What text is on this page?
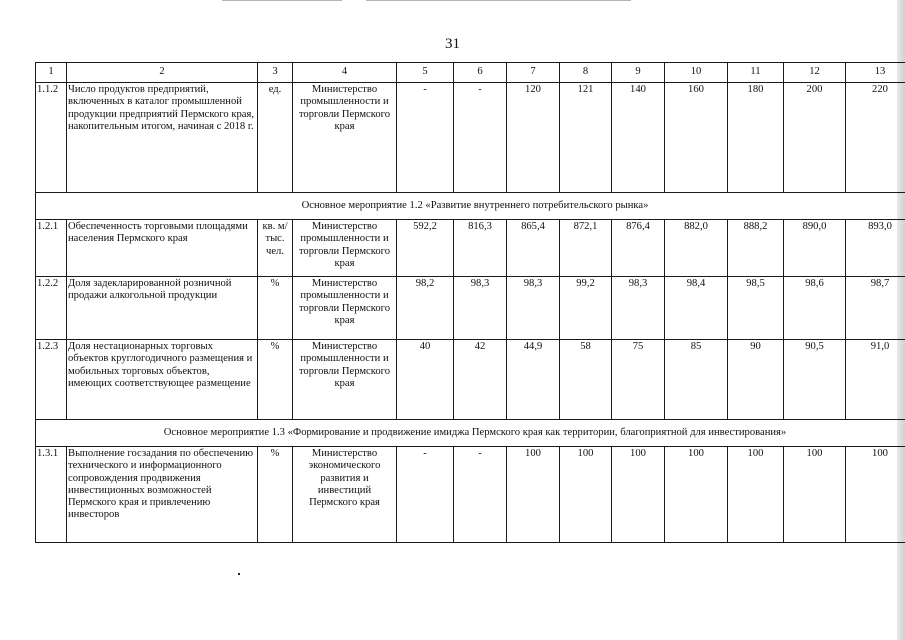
31
1	2	3	4	5	6	7	8	9	10	11	12	13
1.1.2	Число продуктов предприятий, включенных в каталог промышленной продукции предприятий Пермского края, накопительным итогом, начиная с 2018 г.	ед.	Министерство промышленности и торговли Пермского края	-	-	120	121	140	160	180	200	220
Основное мероприятие 1.2 «Развитие внутреннего потребительского рынка»												
1.2.1	Обеспеченность торговыми площадями населения Пермского края	кв. м/тыс. чел.	Министерство промышленности и торговли Пермского края	592,2	816,3	865,4	872,1	876,4	882,0	888,2	890,0	893,0
1.2.2	Доля задекларированной розничной продажи алкогольной продукции	%	Министерство промышленности и торговли Пермского края	98,2	98,3	98,3	99,2	98,3	98,4	98,5	98,6	98,7
1.2.3	Доля нестационарных торговых объектов круглогодичного размещения и мобильных торговых объектов, имеющих соответствующее размещение	%	Министерство промышленности и торговли Пермского края	40	42	44,9	58	75	85	90	90,5	91,0
Основное мероприятие 1.3 «Формирование и продвижение имиджа Пермского края как территории, благоприятной для инвестирования»												
1.3.1	Выполнение госзадания по обеспечению технического и информационного сопровождения продвижения инвестиционных возможностей Пермского края и привлечению инвесторов	%	Министерство экономического развития и инвестиций Пермского края	-	-	100	100	100	100	100	100	100
